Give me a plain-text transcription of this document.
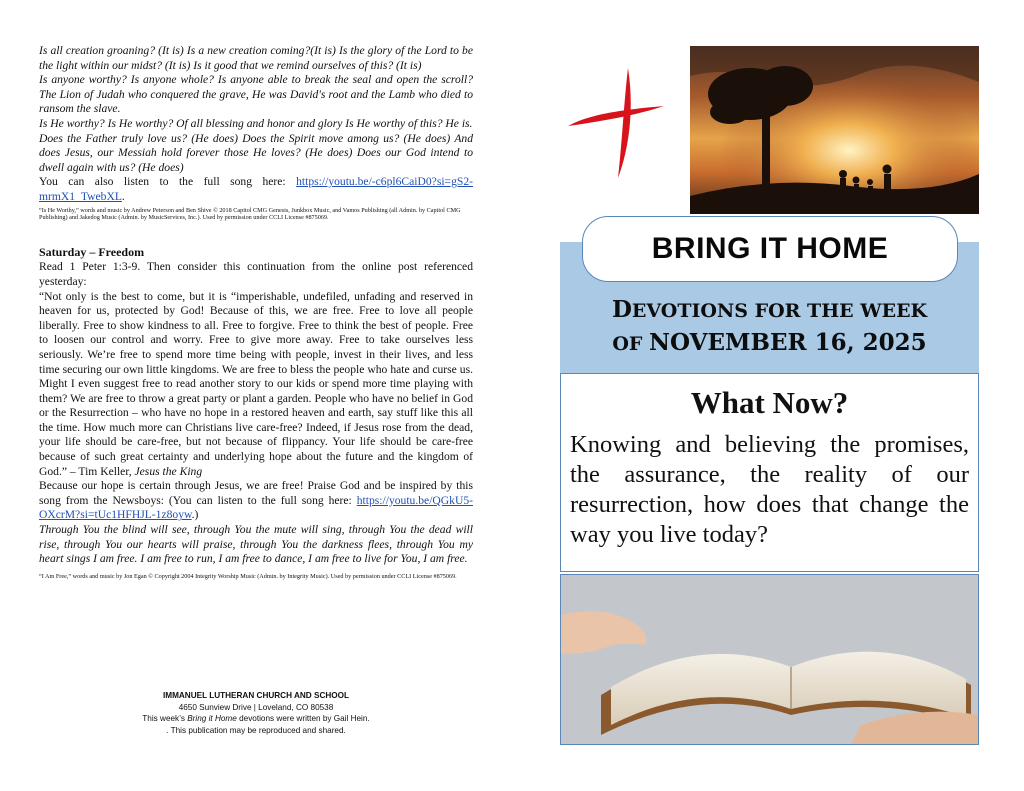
Is all creation groaning? (It is) Is a new creation coming?(It is) Is the glory of the Lord to be the light within our midst? (It is) Is it good that we remind ourselves of this? (It is)

Is anyone worthy? Is anyone whole? Is anyone able to break the seal and open the scroll? The Lion of Judah who conquered the grave, He was David's root and the Lamb who died to ransom the slave.

Is He worthy? Is He worthy? Of all blessing and honor and glory Is He worthy of this? He is.

Does the Father truly love us? (He does) Does the Spirit move among us? (He does) And does Jesus, our Messiah hold forever those He loves? (He does) Does our God intend to dwell again with us? (He does)

You can also listen to the full song here: https://youtu.be/-c6pl6CaiD0?si=gS2-mrmX1_TwebXL.

“Is He Worthy,” words and music by Andrew Peterson and Ben Shive © 2018 Capitol CMG Genesis, Junkbox Music, and Vamos Publishing (all Admin. by Capitol CMG Publishing) and Jakedog Music (Admin. by MusicServices, Inc.). Used by permission under CCLI License #875069.

Saturday – Freedom

Read 1 Peter 1:3-9. Then consider this continuation from the online post referenced yesterday:

“Not only is the best to come, but it is “imperishable, undefiled, unfading and reserved in heaven for us, protected by God! Because of this, we are free. Free to love all people liberally. Free to show kindness to all. Free to forgive. Free to think the best of people. Free to loosen our control and worry. Free to give more away. Free to take ourselves less seriously. We’re free to spend more time being with people, invest in their lives, and less time securing our own little kingdoms. We are free to bless the people who hate and curse us. Might I even suggest free to read another story to our kids or spend more time playing with them? We are free to throw a great party or plant a garden. People who have no belief in God or the Resurrection – who have no hope in a restored heaven and earth, say stuff like this all the time. How much more can Christians live care-free? Indeed, if Jesus rose from the dead, your life should be care-free, but not because of flippancy. Your life should be care-free because of such great certainty and underlying hope about the future and the kingdom of God.” – Tim Keller, Jesus the King

Because our hope is certain through Jesus, we are free! Praise God and be inspired by this song from the Newsboys: (You can listen to the full song here: https://youtu.be/QGkU5-OXcrM?si=tUc1HFHJL-1z8oyw.)

Through You the blind will see, through You the mute will sing, through You the dead will rise, through You our hearts will praise, through You the darkness flees, through You my heart sings I am free. I am free to run, I am free to dance, I am free to live for You, I am free.

“I Am Free,” words and music by Jon Egan © Copyright 2004 Integrity Worship Music (Admin. by Integrity Music). Used by permission under CCLI License #875069.

IMMANUEL LUTHERAN CHURCH AND SCHOOL
4650 Sunview Drive | Loveland, CO 80538
This week’s Bring it Home devotions were written by Gail Hein.
. This publication may be reproduced and shared.
BRING IT HOME
DEVOTIONS FOR THE WEEK
OF NOVEMBER 16, 2025
What Now?

Knowing and believing the promises, the assurance, the reality of our resurrection, how does that change the way you live today?
